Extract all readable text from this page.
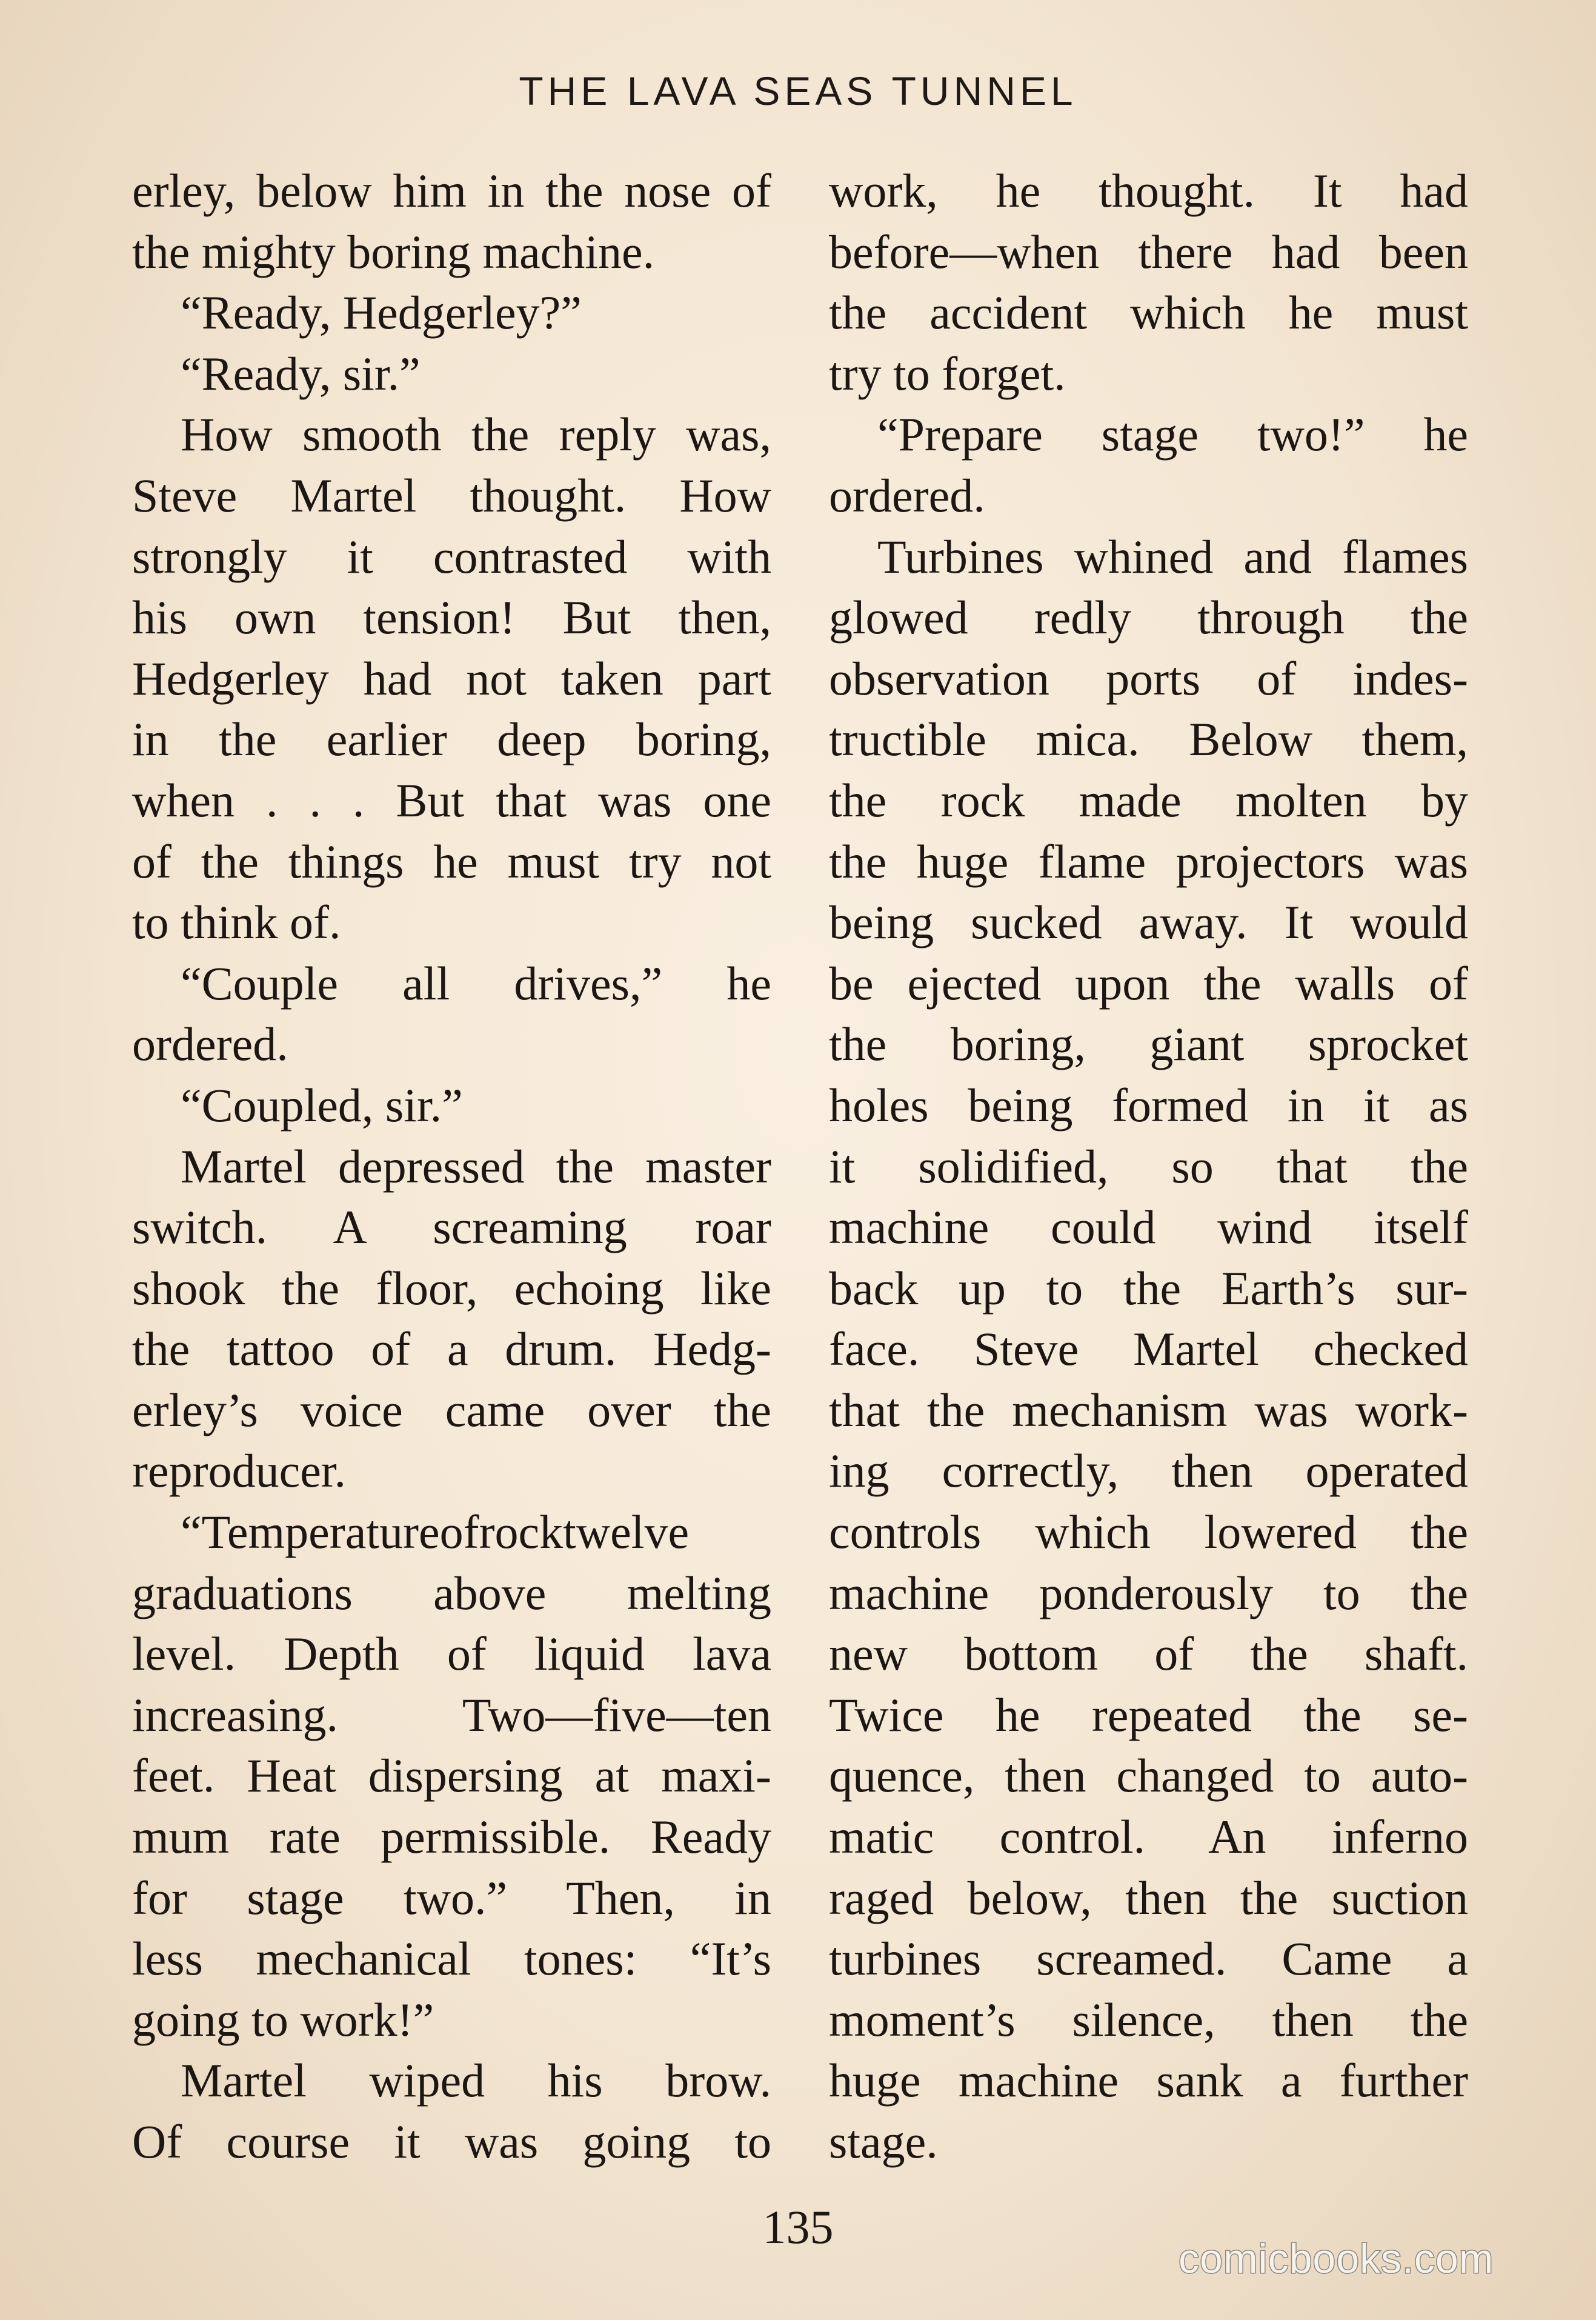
THE LAVA SEAS TUNNEL
erley, below him in the nose of
the mighty boring machine.
“Ready, Hedgerley?”
“Ready, sir.”
How smooth the reply was,
Steve Martel thought. How
strongly it contrasted with
his own tension! But then,
Hedgerley had not taken part
in the earlier deep boring,
when . . . But that was one
of the things he must try not
to think of.
“Couple all drives,” he
ordered.
“Coupled, sir.”
Martel depressed the master
switch. A screaming roar
shook the floor, echoing like
the tattoo of a drum. Hedg-
erley’s voice came over the
reproducer.
“Temperatureofrocktwelve
graduations above melting
level. Depth of liquid lava
increasing. Two—five—ten
feet. Heat dispersing at maxi-
mum rate permissible. Ready
for stage two.” Then, in
less mechanical tones: “It’s
going to work!”
Martel wiped his brow.
Of course it was going to
work, he thought. It had
before—when there had been
the accident which he must
try to forget.
“Prepare stage two!” he
ordered.
Turbines whined and flames
glowed redly through the
observation ports of indes-
tructible mica. Below them,
the rock made molten by
the huge flame projectors was
being sucked away. It would
be ejected upon the walls of
the boring, giant sprocket
holes being formed in it as
it solidified, so that the
machine could wind itself
back up to the Earth’s sur-
face. Steve Martel checked
that the mechanism was work-
ing correctly, then operated
controls which lowered the
machine ponderously to the
new bottom of the shaft.
Twice he repeated the se-
quence, then changed to auto-
matic control. An inferno
raged below, then the suction
turbines screamed. Came a
moment’s silence, then the
huge machine sank a further
stage.
135
comicbooks.com
